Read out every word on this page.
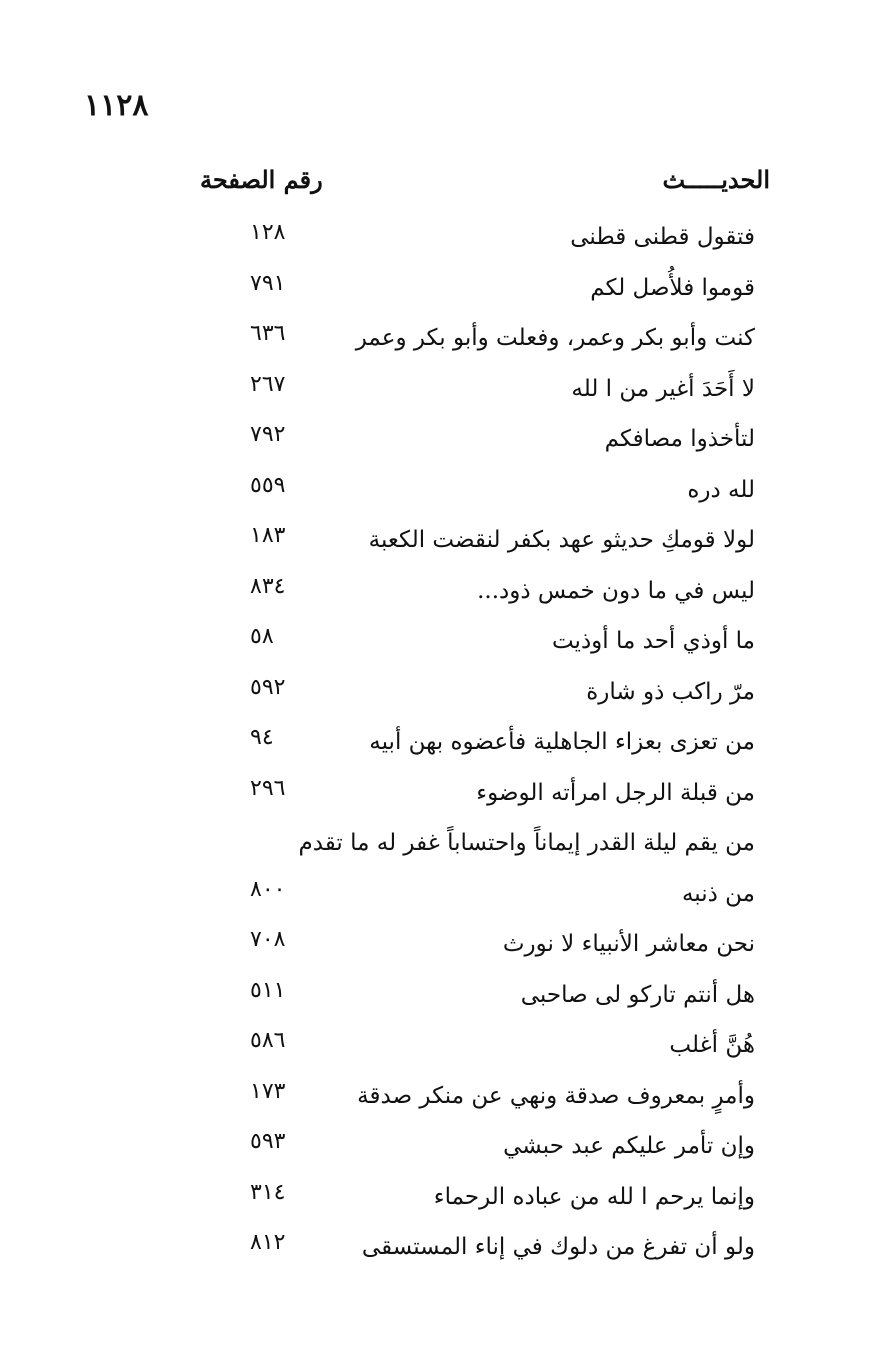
١١٢٨
الحديـــــث
رقم الصفحة
فتقول قطنى قطنى
١٢٨
قوموا فلأُصل لكم
٧٩١
كنت وأبو بكر وعمر، وفعلت وأبو بكر وعمر
٦٣٦
لا أَحَدَ أغير من ا لله
٢٦٧
لتأخذوا مصافكم
٧٩٢
لله دره
٥٥٩
لولا قومكِ حديثو عهد بكفر لنقضت الكعبة
١٨٣
ليس في ما دون خمس ذود...
٨٣٤
ما أوذي أحد ما أوذيت
٥٨
مرّ راكب ذو شارة
٥٩٢
من تعزى بعزاء الجاهلية فأعضوه بهن أبيه
٩٤
من قبلة الرجل امرأته الوضوء
٢٩٦
من يقم ليلة القدر إيماناً واحتساباً غفر له ما تقدم
من ذنبه
٨٠٠
نحن معاشر الأنبياء لا نورث
٧٠٨
هل أنتم تاركو لى صاحبى
٥١١
هُنَّ أغلب
٥٨٦
وأمرٍ بمعروف صدقة ونهي عن منكر صدقة
١٧٣
وإن تأمر عليكم عبد حبشي
٥٩٣
وإنما يرحم ا لله من عباده الرحماء
٣١٤
ولو أن تفرغ من دلوك في إناء المستسقى
٨١٢
